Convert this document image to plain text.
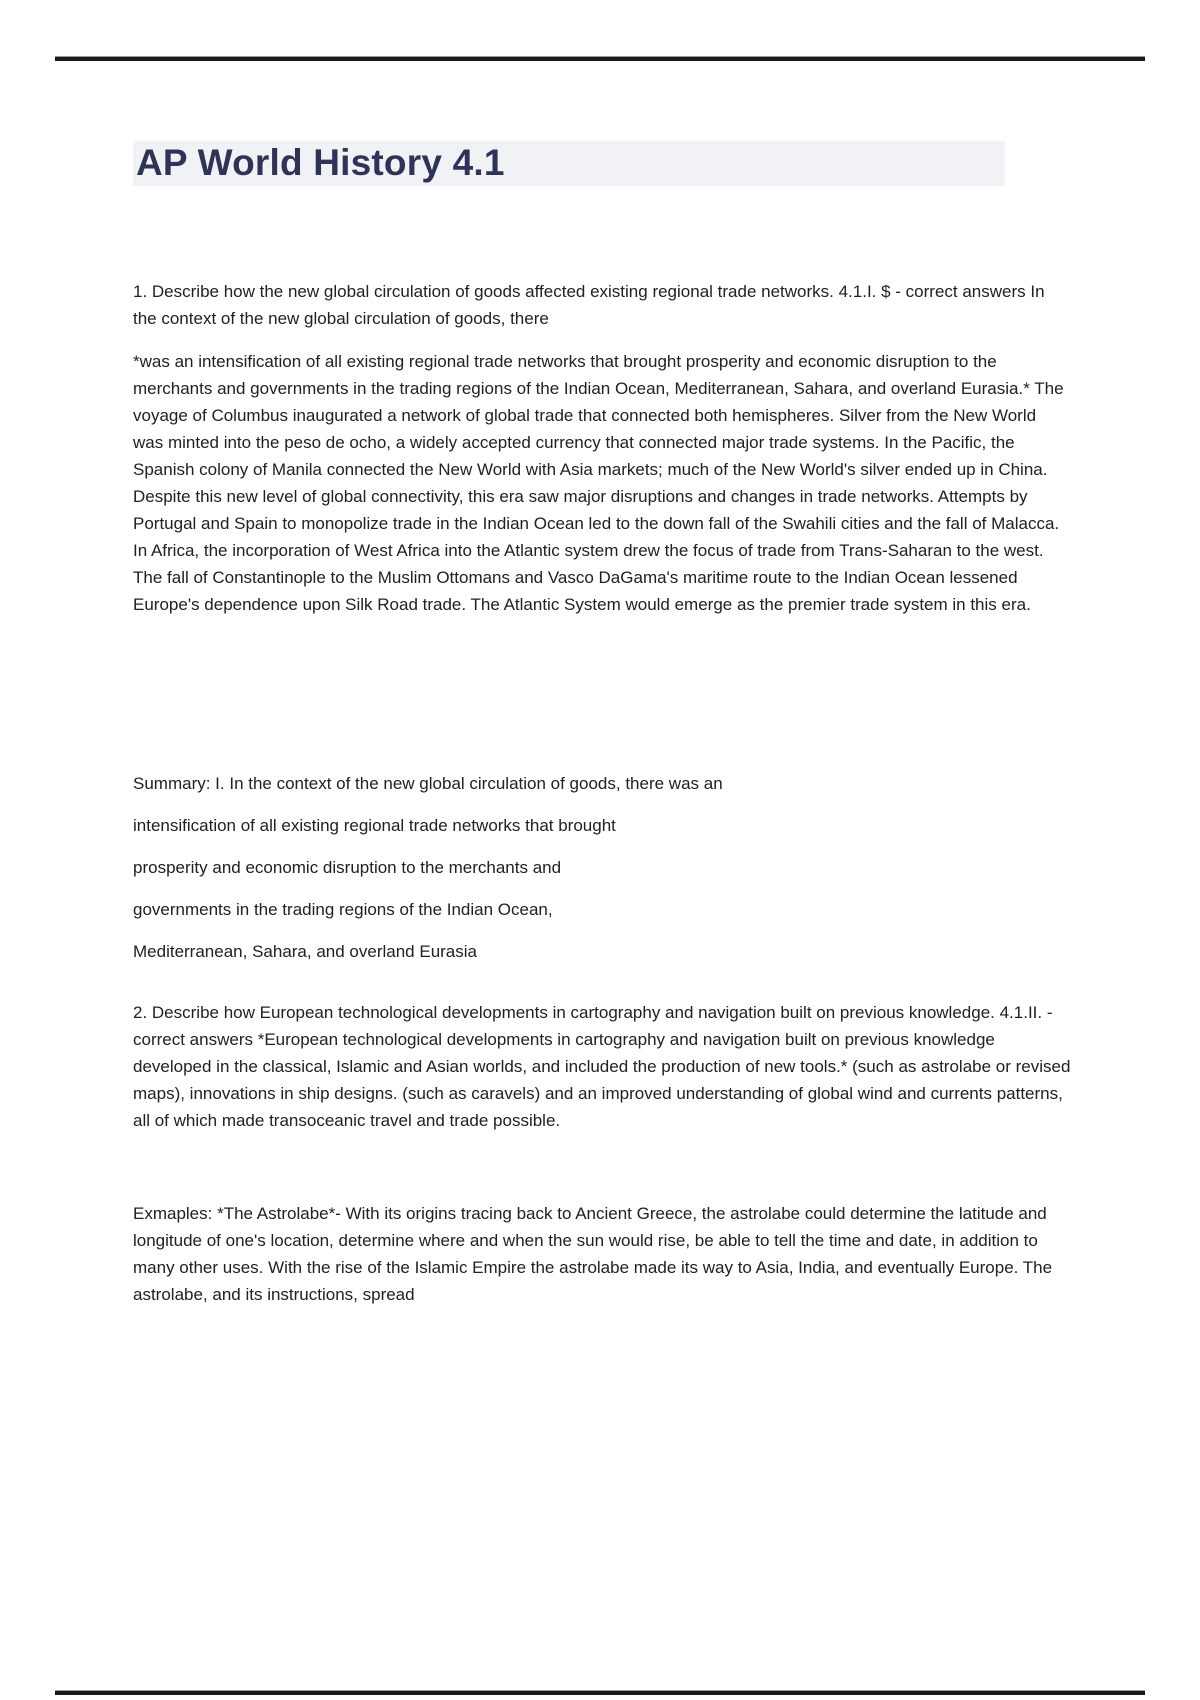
AP World History 4.1

1. Describe how the new global circulation of goods affected existing regional trade networks. 4.1.I. $ - correct answers In the context of the new global circulation of goods, there

*was an intensification of all existing regional trade networks that brought prosperity and economic disruption to the merchants and governments in the trading regions of the Indian Ocean, Mediterranean, Sahara, and overland Eurasia.* The voyage of Columbus inaugurated a network of global trade that connected both hemispheres. Silver from the New World was minted into the peso de ocho, a widely accepted currency that connected major trade systems. In the Pacific, the Spanish colony of Manila connected the New World with Asia markets; much of the New World's silver ended up in China. Despite this new level of global connectivity, this era saw major disruptions and changes in trade networks. Attempts by Portugal and Spain to monopolize trade in the Indian Ocean led to the down fall of the Swahili cities and the fall of Malacca. In Africa, the incorporation of West Africa into the Atlantic system drew the focus of trade from Trans-Saharan to the west. The fall of Constantinople to the Muslim Ottomans and Vasco DaGama's maritime route to the Indian Ocean lessened Europe's dependence upon Silk Road trade. The Atlantic System would emerge as the premier trade system in this era.

Summary: I. In the context of the new global circulation of goods, there was an

intensification of all existing regional trade networks that brought

prosperity and economic disruption to the merchants and

governments in the trading regions of the Indian Ocean,

Mediterranean, Sahara, and overland Eurasia

2. Describe how European technological developments in cartography and navigation built on previous knowledge. 4.1.II. - correct answers *European technological developments in cartography and navigation built on previous knowledge developed in the classical, Islamic and Asian worlds, and included the production of new tools.* (such as astrolabe or revised maps), innovations in ship designs. (such as caravels) and an improved understanding of global wind and currents patterns, all of which made transoceanic travel and trade possible.

Exmaples: *The Astrolabe*- With its origins tracing back to Ancient Greece, the astrolabe could determine the latitude and longitude of one's location, determine where and when the sun would rise, be able to tell the time and date, in addition to many other uses. With the rise of the Islamic Empire the astrolabe made its way to Asia, India, and eventually Europe. The astrolabe, and its instructions, spread
